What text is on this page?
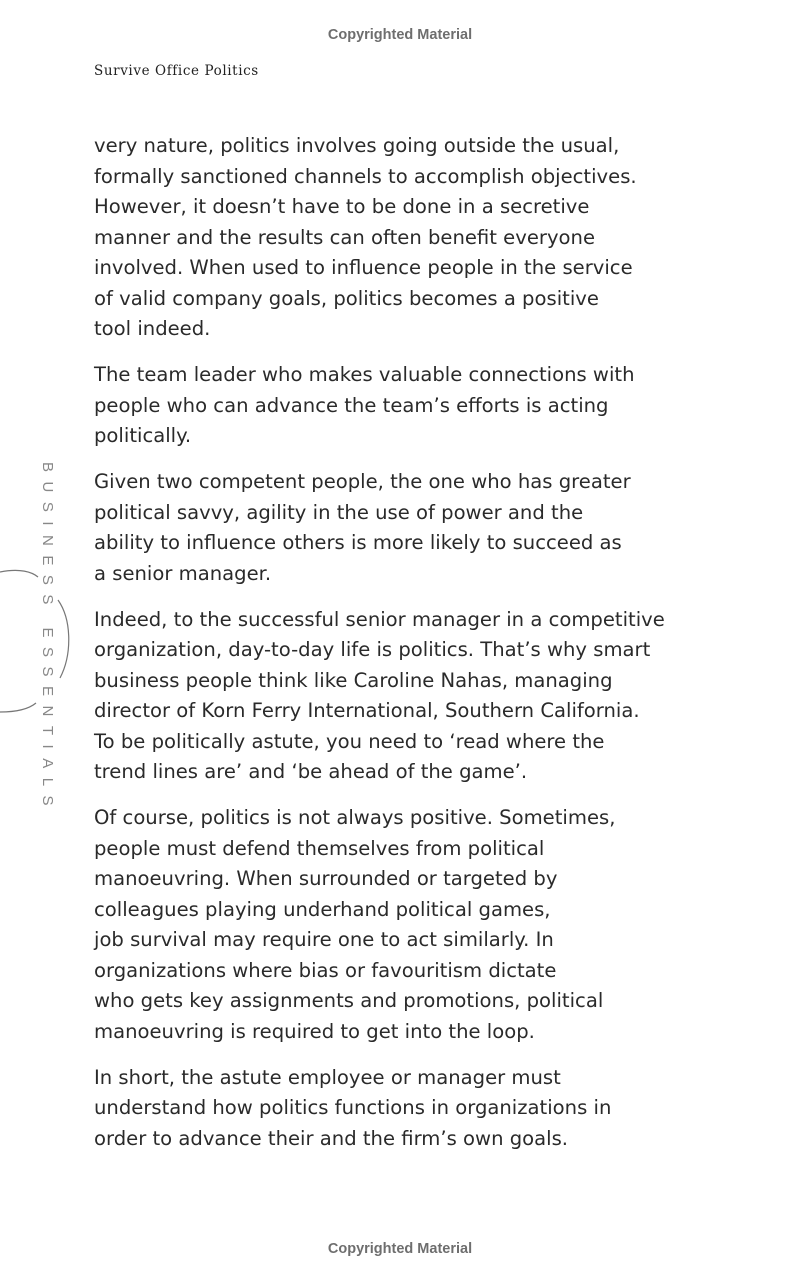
Copyrighted Material
Survive Office Politics
BUSINESS ESSENTIALS
very nature, politics involves going outside the usual,
formally sanctioned channels to accomplish objectives.
However, it doesn’t have to be done in a secretive
manner and the results can often benefit everyone
involved. When used to influence people in the service
of valid company goals, politics becomes a positive
tool indeed.
The team leader who makes valuable connections with
people who can advance the team’s efforts is acting
politically.
Given two competent people, the one who has greater
political savvy, agility in the use of power and the
ability to influence others is more likely to succeed as
a senior manager.
Indeed, to the successful senior manager in a competitive
organization, day-to-day life is politics. That’s why smart
business people think like Caroline Nahas, managing
director of Korn Ferry International, Southern California.
To be politically astute, you need to ‘read where the
trend lines are’ and ‘be ahead of the game’.
Of course, politics is not always positive. Sometimes,
people must defend themselves from political
manoeuvring. When surrounded or targeted by
colleagues playing underhand political games,
job survival may require one to act similarly. In
organizations where bias or favouritism dictate
who gets key assignments and promotions, political
manoeuvring is required to get into the loop.
In short, the astute employee or manager must
understand how politics functions in organizations in
order to advance their and the firm’s own goals.
Copyrighted Material
